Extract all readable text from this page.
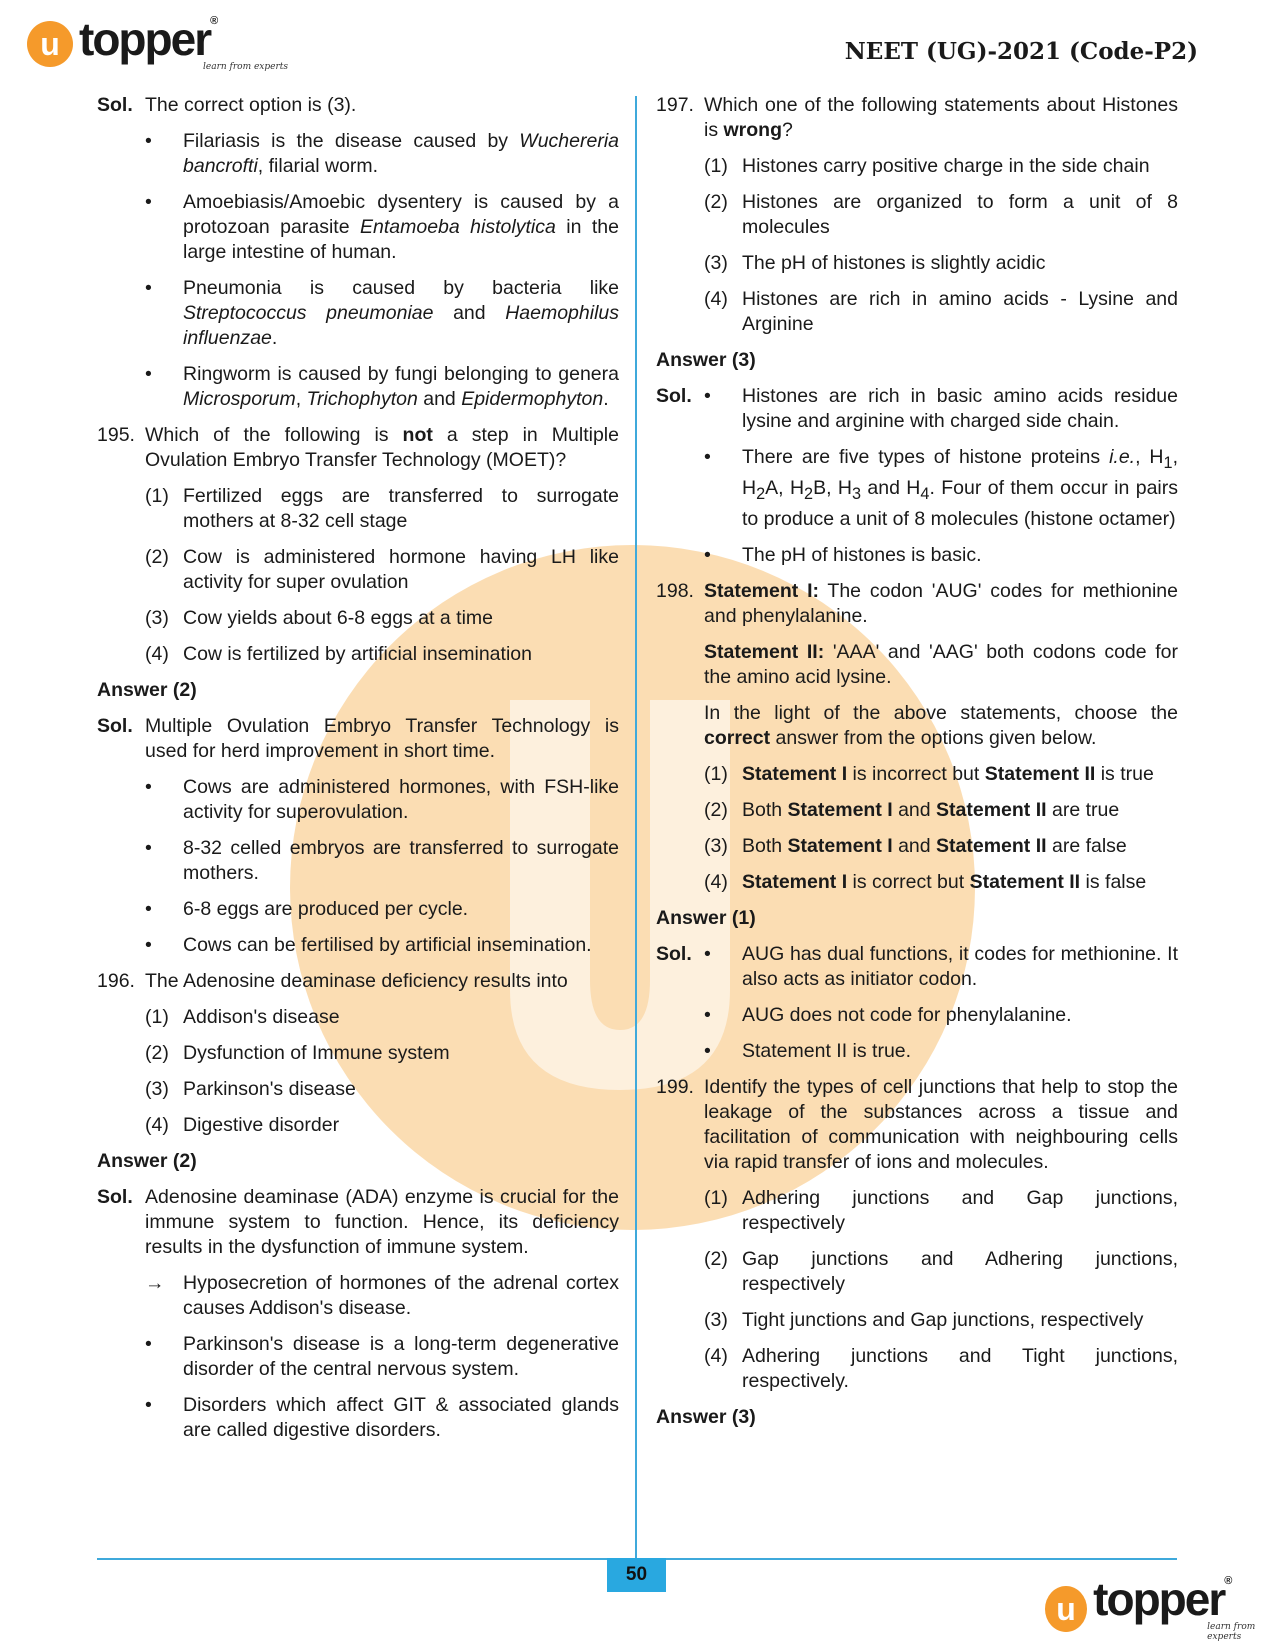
u topper®
learn from experts
NEET (UG)-2021 (Code-P2)
Sol. The correct option is (3).
• Filariasis is the disease caused by Wuchereria bancrofti, filarial worm.
• Amoebiasis/Amoebic dysentery is caused by a protozoan parasite Entamoeba histolytica in the large intestine of human.
• Pneumonia is caused by bacteria like Streptococcus pneumoniae and Haemophilus influenzae.
• Ringworm is caused by fungi belonging to genera Microsporum, Trichophyton and Epidermophyton.
195. Which of the following is not a step in Multiple Ovulation Embryo Transfer Technology (MOET)?
(1) Fertilized eggs are transferred to surrogate mothers at 8-32 cell stage
(2) Cow is administered hormone having LH like activity for super ovulation
(3) Cow yields about 6-8 eggs at a time
(4) Cow is fertilized by artificial insemination
Answer (2)
Sol. Multiple Ovulation Embryo Transfer Technology is used for herd improvement in short time.
• Cows are administered hormones, with FSH-like activity for superovulation.
• 8-32 celled embryos are transferred to surrogate mothers.
• 6-8 eggs are produced per cycle.
• Cows can be fertilised by artificial insemination.
196. The Adenosine deaminase deficiency results into
(1) Addison's disease
(2) Dysfunction of Immune system
(3) Parkinson's disease
(4) Digestive disorder
Answer (2)
Sol. Adenosine deaminase (ADA) enzyme is crucial for the immune system to function. Hence, its deficiency results in the dysfunction of immune system.
→ Hyposecretion of hormones of the adrenal cortex causes Addison's disease.
• Parkinson's disease is a long-term degenerative disorder of the central nervous system.
• Disorders which affect GIT & associated glands are called digestive disorders.
197. Which one of the following statements about Histones is wrong?
(1) Histones carry positive charge in the side chain
(2) Histones are organized to form a unit of 8 molecules
(3) The pH of histones is slightly acidic
(4) Histones are rich in amino acids - Lysine and Arginine
Answer (3)
Sol. • Histones are rich in basic amino acids residue lysine and arginine with charged side chain.
• There are five types of histone proteins i.e., $H_1$, $H_2A$, $H_2B$, $H_3$ and $H_4$. Four of them occur in pairs to produce a unit of 8 molecules (histone octamer)
• The pH of histones is basic.
198. Statement I: The codon 'AUG' codes for methionine and phenylalanine.
Statement II: 'AAA' and 'AAG' both codons code for the amino acid lysine.
In the light of the above statements, choose the correct answer from the options given below.
(1) Statement I is incorrect but Statement II is true
(2) Both Statement I and Statement II are true
(3) Both Statement I and Statement II are false
(4) Statement I is correct but Statement II is false
Answer (1)
Sol. • AUG has dual functions, it codes for methionine. It also acts as initiator codon.
• AUG does not code for phenylalanine.
• Statement II is true.
199. Identify the types of cell junctions that help to stop the leakage of the substances across a tissue and facilitation of communication with neighbouring cells via rapid transfer of ions and molecules.
(1) Adhering junctions and Gap junctions, respectively
(2) Gap junctions and Adhering junctions, respectively
(3) Tight junctions and Gap junctions, respectively
(4) Adhering junctions and Tight junctions, respectively.
Answer (3)
50
u topper®
learn from experts
